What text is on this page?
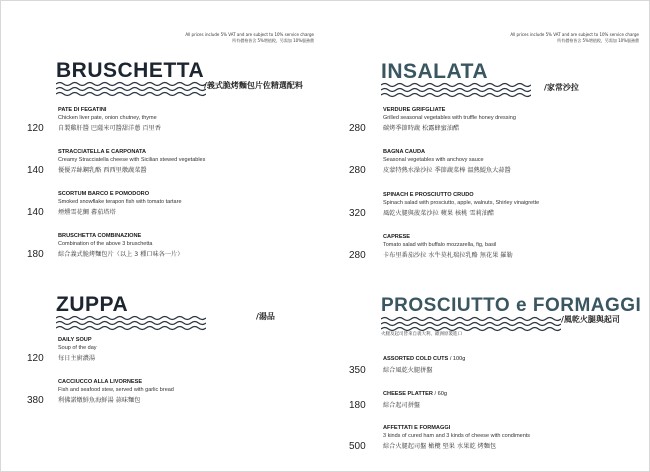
All prices include 5% VAT and are subject to 10% service charge
所有價格皆含 5%增值稅，另需加 10%服務費
BRUSCHETTA
/義式脆烤麵包片佐精選配料
PATE DI FEGATINI
Chicken liver pate, onion chutney, thyme
自製雞肝醬 巴薩米可醬甜洋蔥 百里香
120
STRACCIATELLA E CARPONATA
Creamy Stracciatella cheese with Sicilian stewed vegetables
優優弄絲鋼乳酪 西西里燉蔬菜醬
140
SCORTUM BARCO E POMODORO
Smoked snowflake terapon fish with tomato tartare
煙燻雪花鯛 蕃茄塔塔
140
BRUSCHETTA COMBINAZIONE
Combination of the above 3 bruschetta
綜合義式脆烤麵包片（以上 3 種口味各一片）
180
ZUPPA
/湯品
DAILY SOUP
Soup of the day
每日主廚濃湯
120
CACCIUCCO ALLA LIVORNESE
Fish and seafood stew, served with garlic bread
利佛諾燉鮮魚海鮮湯 蒜味麵包
380
All prices include 5% VAT and are subject to 10% service charge
所有價格皆含 5%增值稅，另需加 10%服務費
INSALATA
/家常沙拉
VERDURE GRIFGLIATE
Grilled seasonal vegetables with truffle honey dressing
碳烤季節時蔬 松露蜂蜜油醋
280
BAGNA CAUDA
Seasonal vegetables with anchovy sauce
皮蒙特熱水澡沙拉 季節蔬菜棒 溫熱鯷魚大蒜醬
280
SPINACH E PROSCIUTTO CRUDO
Spinach salad with prosciutto, apple, walnuts, Shirley vinaigrette
風乾火腿與菠菜沙拉 蘋果 核桃 雪莉油醋
320
CAPRESE
Tomato salad with buffalo mozzarella, fig, basil
卡布里番茄沙拉 水牛莫札瑞拉乳酪 無花果 羅勒
280
PROSCIUTTO e FORMAGGI
/風乾火腿與起司
火腿及起司皆來自義大利、歐洲原裝進口
ASSORTED COLD CUTS / 100g
綜合風乾火腿拼盤
350
CHEESE PLATTER / 60g
綜合起司拼盤
180
AFFETTATI E FORMAGGI
3 kinds of cured ham and 3 kinds of cheese with condiments
綜合火腿起司盤 橄欖 堅果 水果乾 烤麵包
500
